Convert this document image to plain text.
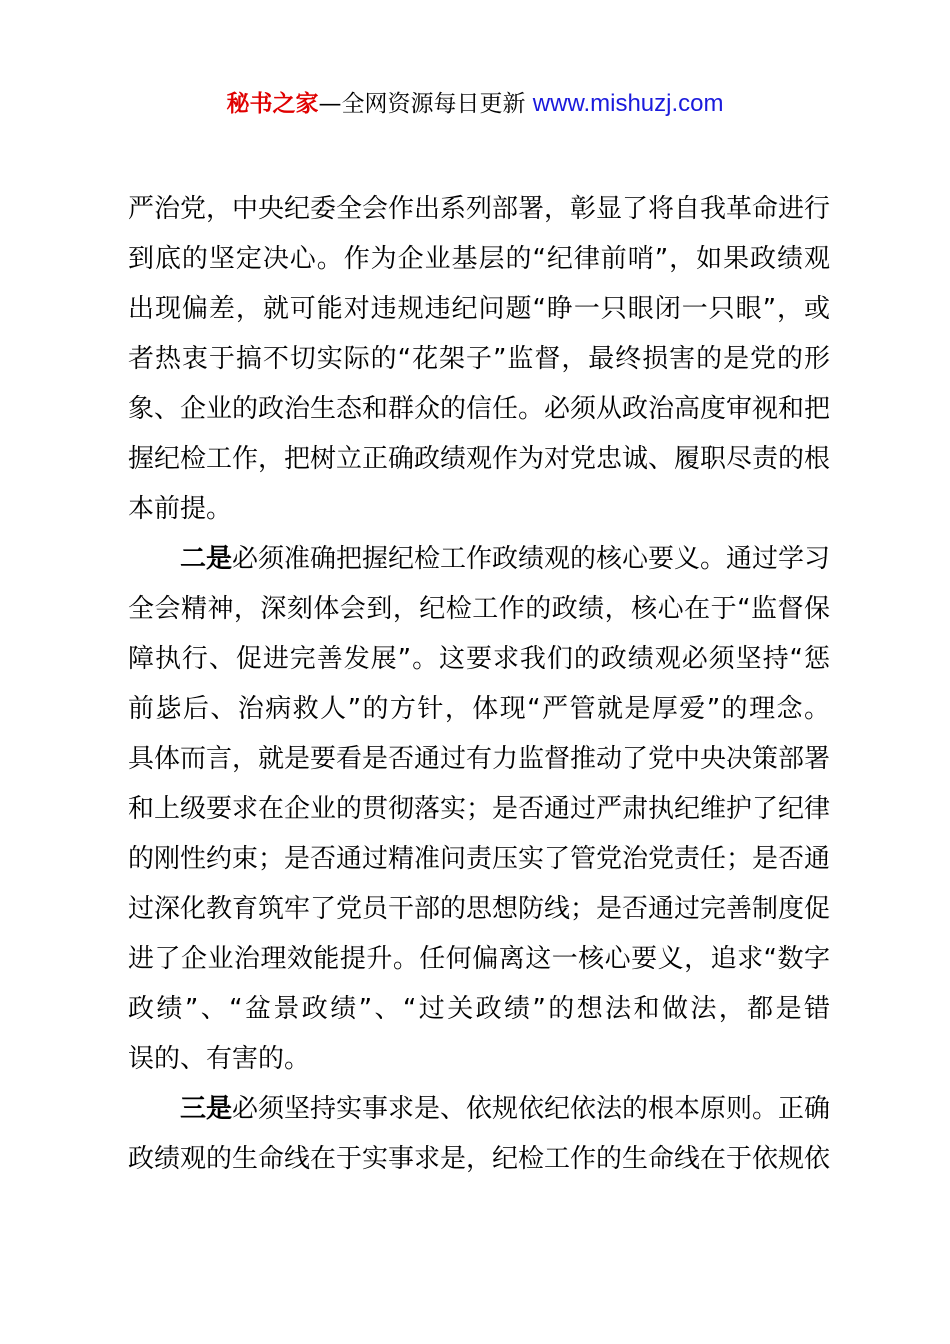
秘书之家—全网资源每日更新 www.mishuzj.com
严治党，中央纪委全会作出系列部署，彰显了将自我革命进行
到底的坚定决心。作为企业基层的“纪律前哨”，如果政绩观
出现偏差，就可能对违规违纪问题“睁一只眼闭一只眼”，或
者热衷于搞不切实际的“花架子”监督，最终损害的是党的形
象、企业的政治生态和群众的信任。必须从政治高度审视和把
握纪检工作，把树立正确政绩观作为对党忠诚、履职尽责的根
本前提。
二是必须准确把握纪检工作政绩观的核心要义。通过学习
全会精神，深刻体会到，纪检工作的政绩，核心在于“监督保
障执行、促进完善发展”。这要求我们的政绩观必须坚持“惩
前毖后、治病救人”的方针，体现“严管就是厚爱”的理念。
具体而言，就是要看是否通过有力监督推动了党中央决策部署
和上级要求在企业的贯彻落实；是否通过严肃执纪维护了纪律
的刚性约束；是否通过精准问责压实了管党治党责任；是否通
过深化教育筑牢了党员干部的思想防线；是否通过完善制度促
进了企业治理效能提升。任何偏离这一核心要义，追求“数字
政绩”、“盆景政绩”、“过关政绩”的想法和做法，都是错
误的、有害的。
三是必须坚持实事求是、依规依纪依法的根本原则。正确
政绩观的生命线在于实事求是，纪检工作的生命线在于依规依
